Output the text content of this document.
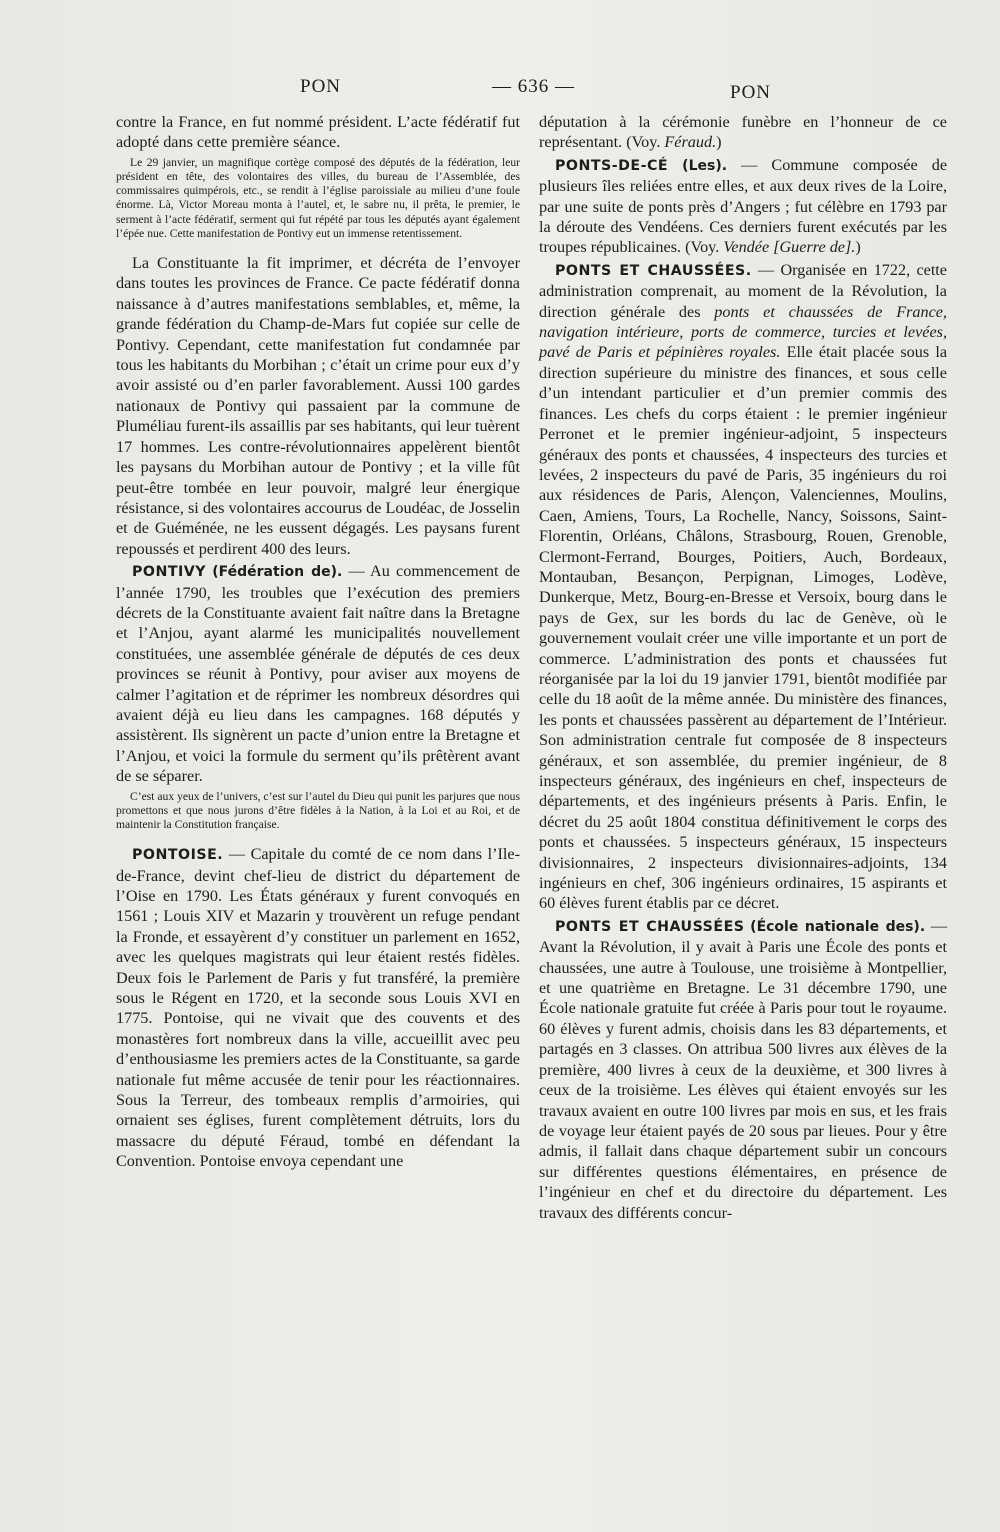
PON	— 636 —	PON

contre la France, en fut nommé président. L’acte fédératif fut adopté dans cette première séance.

Le 29 janvier, un magnifique cortège composé des députés de la fédération, leur président en tête, des volontaires des villes, du bureau de l’Assemblée, des commissaires quimpérois, etc., se rendit à l’église paroissiale au milieu d’une foule énorme. Là, Victor Moreau monta à l’autel, et, le sabre nu, il prêta, le premier, le serment à l’acte fédératif, serment qui fut répété par tous les députés ayant également l’épée nue. Cette manifestation de Pontivy eut un immense retentissement.

La Constituante la fit imprimer, et décréta de l’envoyer dans toutes les provinces de France. Ce pacte fédératif donna naissance à d’autres manifestations semblables, et, même, la grande fédération du Champ-de-Mars fut copiée sur celle de Pontivy. Cependant, cette manifestation fut condamnée par tous les habitants du Morbihan ; c’était un crime pour eux d’y avoir assisté ou d’en parler favorablement. Aussi 100 gardes nationaux de Pontivy qui passaient par la commune de Pluméliau furent-ils assaillis par ses habitants, qui leur tuèrent 17 hommes. Les contre-révolutionnaires appelèrent bientôt les paysans du Morbihan autour de Pontivy ; et la ville fût peut-être tombée en leur pouvoir, malgré leur énergique résistance, si des volontaires accourus de Loudéac, de Josselin et de Guéménée, ne les eussent dégagés. Les paysans furent repoussés et perdirent 400 des leurs.

PONTIVY (Fédération de). — Au commencement de l’année 1790, les troubles que l’exécution des premiers décrets de la Constituante avaient fait naître dans la Bretagne et l’Anjou, ayant alarmé les municipalités nouvellement constituées, une assemblée générale de députés de ces deux provinces se réunit à Pontivy, pour aviser aux moyens de calmer l’agitation et de réprimer les nombreux désordres qui avaient déjà eu lieu dans les campagnes. 168 députés y assistèrent. Ils signèrent un pacte d’union entre la Bretagne et l’Anjou, et voici la formule du serment qu’ils prêtèrent avant de se séparer.

C’est aux yeux de l’univers, c’est sur l’autel du Dieu qui punit les parjures que nous promettons et que nous jurons d’être fidèles à la Nation, à la Loi et au Roi, et de maintenir la Constitution française.

PONTOISE. — Capitale du comté de ce nom dans l’Ile-de-France, devint chef-lieu de district du département de l’Oise en 1790. Les États généraux y furent convoqués en 1561 ; Louis XIV et Mazarin y trouvèrent un refuge pendant la Fronde, et essayèrent d’y constituer un parlement en 1652, avec les quelques magistrats qui leur étaient restés fidèles. Deux fois le Parlement de Paris y fut transféré, la première sous le Régent en 1720, et la seconde sous Louis XVI en 1775. Pontoise, qui ne vivait que des couvents et des monastères fort nombreux dans la ville, accueillit avec peu d’enthousiasme les premiers actes de la Constituante, sa garde nationale fut même accusée de tenir pour les réactionnaires. Sous la Terreur, des tombeaux remplis d’armoiries, qui ornaient ses églises, furent complètement détruits, lors du massacre du député Féraud, tombé en défendant la Convention. Pontoise envoya cependant une

députation à la cérémonie funèbre en l’honneur de ce représentant. (Voy. Féraud.)

PONTS-DE-CÉ (Les). — Commune composée de plusieurs îles reliées entre elles, et aux deux rives de la Loire, par une suite de ponts près d’Angers ; fut célèbre en 1793 par la déroute des Vendéens. Ces derniers furent exécutés par les troupes républicaines. (Voy. Vendée [Guerre de].)

PONTS ET CHAUSSÉES. — Organisée en 1722, cette administration comprenait, au moment de la Révolution, la direction générale des ponts et chaussées de France, navigation intérieure, ports de commerce, turcies et levées, pavé de Paris et pépinières royales. Elle était placée sous la direction supérieure du ministre des finances, et sous celle d’un intendant particulier et d’un premier commis des finances. Les chefs du corps étaient : le premier ingénieur Perronet et le premier ingénieur-adjoint, 5 inspecteurs généraux des ponts et chaussées, 4 inspecteurs des turcies et levées, 2 inspecteurs du pavé de Paris, 35 ingénieurs du roi aux résidences de Paris, Alençon, Valenciennes, Moulins, Caen, Amiens, Tours, La Rochelle, Nancy, Soissons, Saint-Florentin, Orléans, Châlons, Strasbourg, Rouen, Grenoble, Clermont-Ferrand, Bourges, Poitiers, Auch, Bordeaux, Montauban, Besançon, Perpignan, Limoges, Lodève, Dunkerque, Metz, Bourg-en-Bresse et Versoix, bourg dans le pays de Gex, sur les bords du lac de Genève, où le gouvernement voulait créer une ville importante et un port de commerce. L’administration des ponts et chaussées fut réorganisée par la loi du 19 janvier 1791, bientôt modifiée par celle du 18 août de la même année. Du ministère des finances, les ponts et chaussées passèrent au département de l’Intérieur. Son administration centrale fut composée de 8 inspecteurs généraux, et son assemblée, du premier ingénieur, de 8 inspecteurs généraux, des ingénieurs en chef, inspecteurs de départements, et des ingénieurs présents à Paris. Enfin, le décret du 25 août 1804 constitua définitivement le corps des ponts et chaussées. 5 inspecteurs généraux, 15 inspecteurs divisionnaires, 2 inspecteurs divisionnaires-adjoints, 134 ingénieurs en chef, 306 ingénieurs ordinaires, 15 aspirants et 60 élèves furent établis par ce décret.

PONTS ET CHAUSSÉES (École nationale des). — Avant la Révolution, il y avait à Paris une École des ponts et chaussées, une autre à Toulouse, une troisième à Montpellier, et une quatrième en Bretagne. Le 31 décembre 1790, une École nationale gratuite fut créée à Paris pour tout le royaume. 60 élèves y furent admis, choisis dans les 83 départements, et partagés en 3 classes. On attribua 500 livres aux élèves de la première, 400 livres à ceux de la deuxième, et 300 livres à ceux de la troisième. Les élèves qui étaient envoyés sur les travaux avaient en outre 100 livres par mois en sus, et les frais de voyage leur étaient payés de 20 sous par lieues. Pour y être admis, il fallait dans chaque département subir un concours sur différentes questions élémentaires, en présence de l’ingénieur en chef et du directoire du département. Les travaux des différents concur-
